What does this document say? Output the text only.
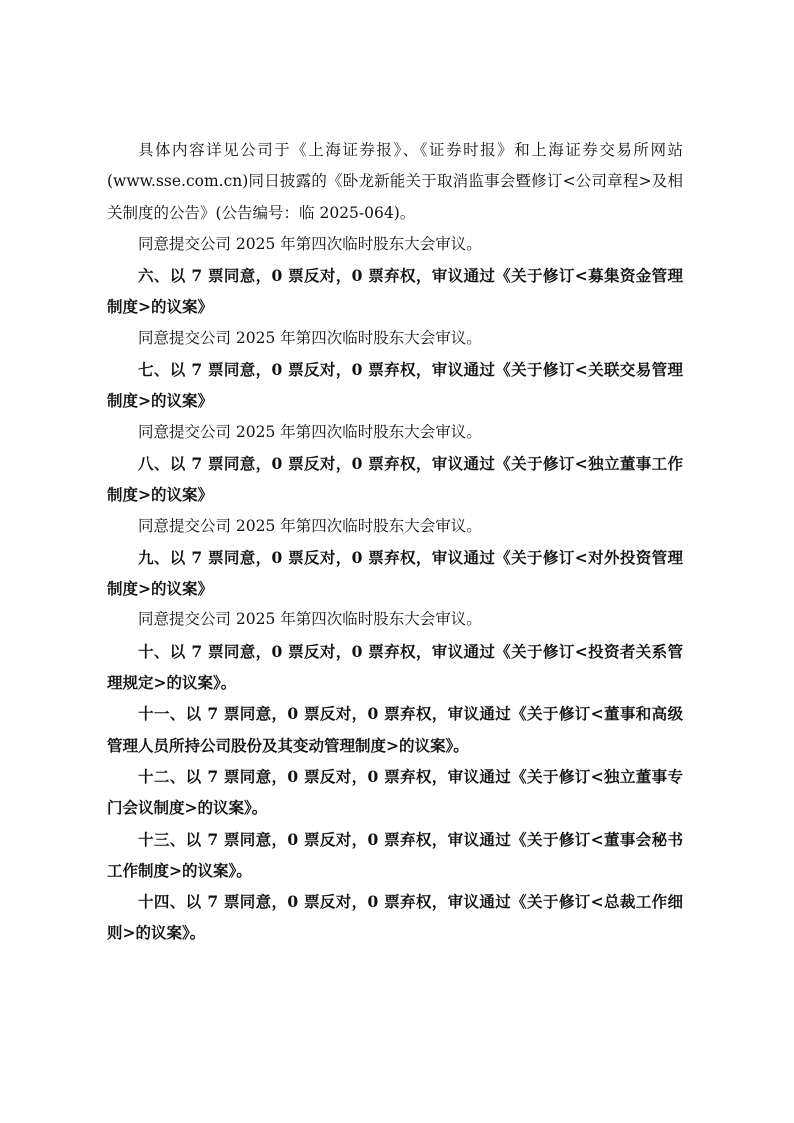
具体内容详见公司于《上海证券报》、《证券时报》和上海证券交易所网站(www.sse.com.cn)同日披露的《卧龙新能关于取消监事会暨修订<公司章程>及相关制度的公告》(公告编号：临 2025-064)。

同意提交公司 2025 年第四次临时股东大会审议。

六、以 7 票同意，0 票反对，0 票弃权，审议通过《关于修订<募集资金管理制度>的议案》

同意提交公司 2025 年第四次临时股东大会审议。

七、以 7 票同意，0 票反对，0 票弃权，审议通过《关于修订<关联交易管理制度>的议案》

同意提交公司 2025 年第四次临时股东大会审议。

八、以 7 票同意，0 票反对，0 票弃权，审议通过《关于修订<独立董事工作制度>的议案》

同意提交公司 2025 年第四次临时股东大会审议。

九、以 7 票同意，0 票反对，0 票弃权，审议通过《关于修订<对外投资管理制度>的议案》

同意提交公司 2025 年第四次临时股东大会审议。

十、以 7 票同意，0 票反对，0 票弃权，审议通过《关于修订<投资者关系管理规定>的议案》。

十一、以 7 票同意，0 票反对，0 票弃权，审议通过《关于修订<董事和高级管理人员所持公司股份及其变动管理制度>的议案》。

十二、以 7 票同意，0 票反对，0 票弃权，审议通过《关于修订<独立董事专门会议制度>的议案》。

十三、以 7 票同意，0 票反对，0 票弃权，审议通过《关于修订<董事会秘书工作制度>的议案》。

十四、以 7 票同意，0 票反对，0 票弃权，审议通过《关于修订<总裁工作细则>的议案》。
